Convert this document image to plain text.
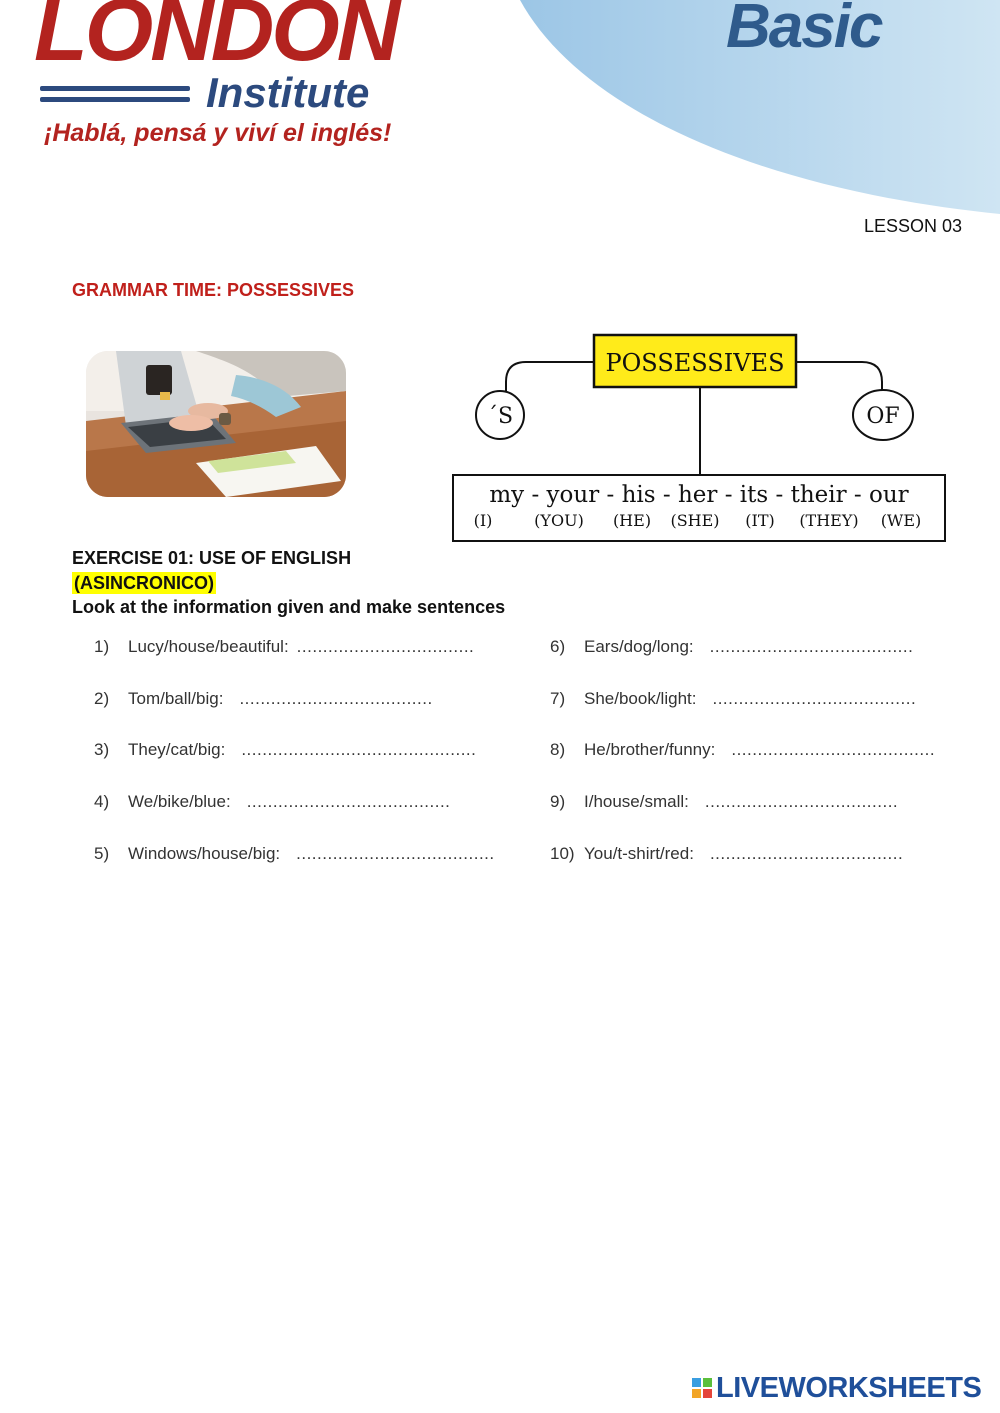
LONDON
Institute
¡Hablá, pensá y viví el inglés!
Basic
LESSON 03
GRAMMAR TIME: POSSESSIVES
POSSESSIVES
´S	OF
my - your - his - her - its - their - our
(I)	(YOU) (HE) (SHE) (IT) (THEY) (WE)
EXERCISE 01: USE OF ENGLISH
(ASINCRONICO)
Look at the information given and make sentences
1) Lucy/house/beautiful: ..................................
2) Tom/ball/big: .....................................
3) They/cat/big: .............................................
4) We/bike/blue: .......................................
5) Windows/house/big: ......................................
6) Ears/dog/long: .......................................
7) She/book/light: .......................................
8) He/brother/funny: .......................................
9) I/house/small: .....................................
10) You/t-shirt/red: .....................................
LIVEWORKSHEETS
